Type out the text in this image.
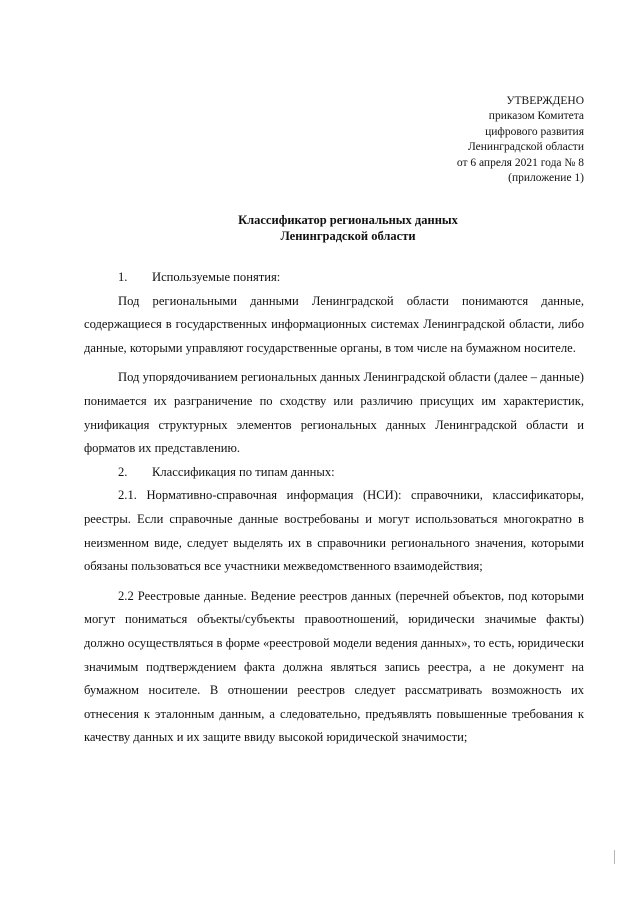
УТВЕРЖДЕНО
приказом Комитета
цифрового развития
Ленинградской области
от 6 апреля 2021 года № 8
(приложение 1)
Классификатор региональных данных
Ленинградской области

1. Используемые понятия:

Под региональными данными Ленинградской области понимаются данные, содержащиеся в государственных информационных системах Ленинградской области, либо данные, которыми управляют государственные органы, в том числе на бумажном носителе.

Под упорядочиванием региональных данных Ленинградской области (далее – данные) понимается их разграничение по сходству или различию присущих им характеристик, унификация структурных элементов региональных данных Ленинградской области и форматов их представлению.

2. Классификация по типам данных:

2.1. Нормативно-справочная информация (НСИ): справочники, классификаторы, реестры. Если справочные данные востребованы и могут использоваться многократно в неизменном виде, следует выделять их в справочники регионального значения, которыми обязаны пользоваться все участники межведомственного взаимодействия;

2.2 Реестровые данные. Ведение реестров данных (перечней объектов, под которыми могут пониматься объекты/субъекты правоотношений, юридически значимые факты) должно осуществляться в форме «реестровой модели ведения данных», то есть, юридически значимым подтверждением факта должна являться запись реестра, а не документ на бумажном носителе. В отношении реестров следует рассматривать возможность их отнесения к эталонным данным, а следовательно, предъявлять повышенные требования к качеству данных и их защите ввиду высокой юридической значимости;
